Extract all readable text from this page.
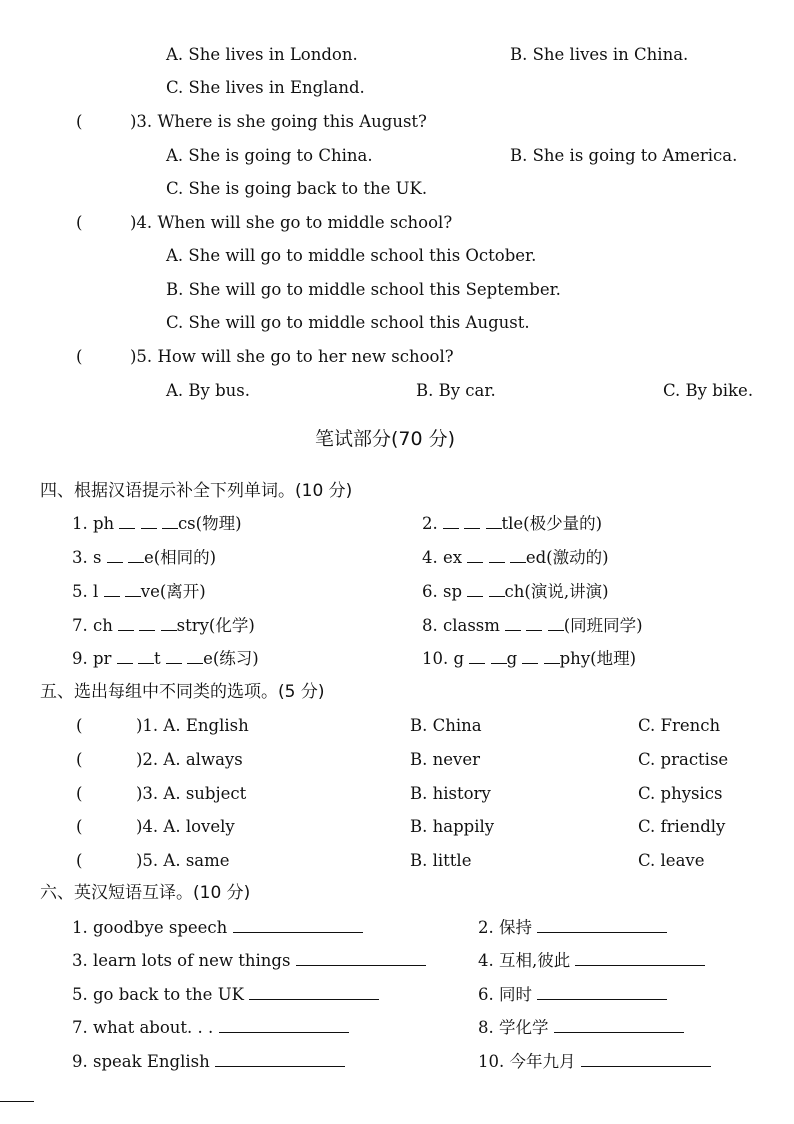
A. She lives in London.	B. She lives in China.
C. She lives in England.
(	)3. Where is she going this August?
A. She is going to China.	B. She is going to America.
C. She is going back to the UK.
(	)4. When will she go to middle school?
A. She will go to middle school this October.
B. She will go to middle school this September.
C. She will go to middle school this August.
(	)5. How will she go to her new school?
A. By bus.	B. By car.	C. By bike.
笔试部分(70 分)
四、根据汉语提示补全下列单词。(10 分)
1. ph	cs(物理)	2.	tle(极少量的)
3. s	e(相同的)	4. ex	ed(激动的)
5. l	ve(离开)	6. sp	ch(演说,讲演)
7. ch	stry(化学)	8. classm	(同班同学)
9. pr	t	e(练习)	10. g	g	phy(地理)
五、选出每组中不同类的选项。(5 分)
(	)1. A. English	B. China	C. French
(	)2. A. always	B. never	C. practise
(	)3. A. subject	B. history	C. physics
(	)4. A. lovely	B. happily	C. friendly
(	)5. A. same	B. little	C. leave
六、英汉短语互译。(10 分)
1. goodbye speech	2. 保持
3. learn lots of new things	4. 互相,彼此
5. go back to the UK	6. 同时
7. what about. . .	8. 学化学
9. speak English	10. 今年九月
